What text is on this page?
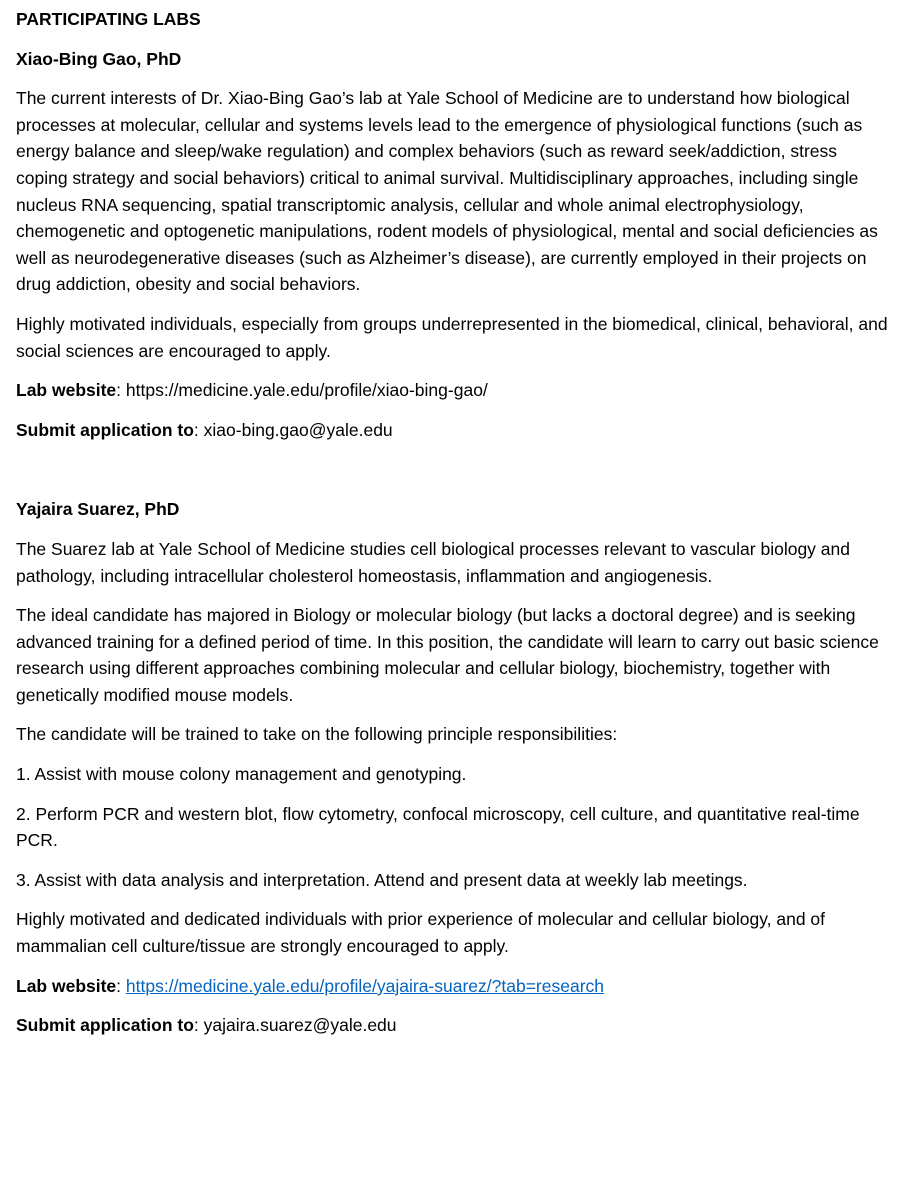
PARTICIPATING LABS
Xiao-Bing Gao, PhD

The current interests of Dr. Xiao-Bing Gao’s lab at Yale School of Medicine are to understand how biological processes at molecular, cellular and systems levels lead to the emergence of physiological functions (such as energy balance and sleep/wake regulation) and complex behaviors (such as reward seek/addiction, stress coping strategy and social behaviors) critical to animal survival. Multidisciplinary approaches, including single nucleus RNA sequencing, spatial transcriptomic analysis, cellular and whole animal electrophysiology, chemogenetic and optogenetic manipulations, rodent models of physiological, mental and social deficiencies as well as neurodegenerative diseases (such as Alzheimer’s disease), are currently employed in their projects on drug addiction, obesity and social behaviors.

Highly motivated individuals, especially from groups underrepresented in the biomedical, clinical, behavioral, and social sciences are encouraged to apply.

Lab website: https://medicine.yale.edu/profile/xiao-bing-gao/

Submit application to: xiao-bing.gao@yale.edu

Yajaira Suarez, PhD

The Suarez lab at Yale School of Medicine studies cell biological processes relevant to vascular biology and pathology, including intracellular cholesterol homeostasis, inflammation and angiogenesis.

The ideal candidate has majored in Biology or molecular biology (but lacks a doctoral degree) and is seeking advanced training for a defined period of time. In this position, the candidate will learn to carry out basic science research using different approaches combining molecular and cellular biology, biochemistry, together with genetically modified mouse models.

The candidate will be trained to take on the following principle responsibilities:

1. Assist with mouse colony management and genotyping.

2. Perform PCR and western blot, flow cytometry, confocal microscopy, cell culture, and quantitative real-time PCR.

3. Assist with data analysis and interpretation. Attend and present data at weekly lab meetings.

Highly motivated and dedicated individuals with prior experience of molecular and cellular biology, and of mammalian cell culture/tissue are strongly encouraged to apply.

Lab website: https://medicine.yale.edu/profile/yajaira-suarez/?tab=research

Submit application to: yajaira.suarez@yale.edu
